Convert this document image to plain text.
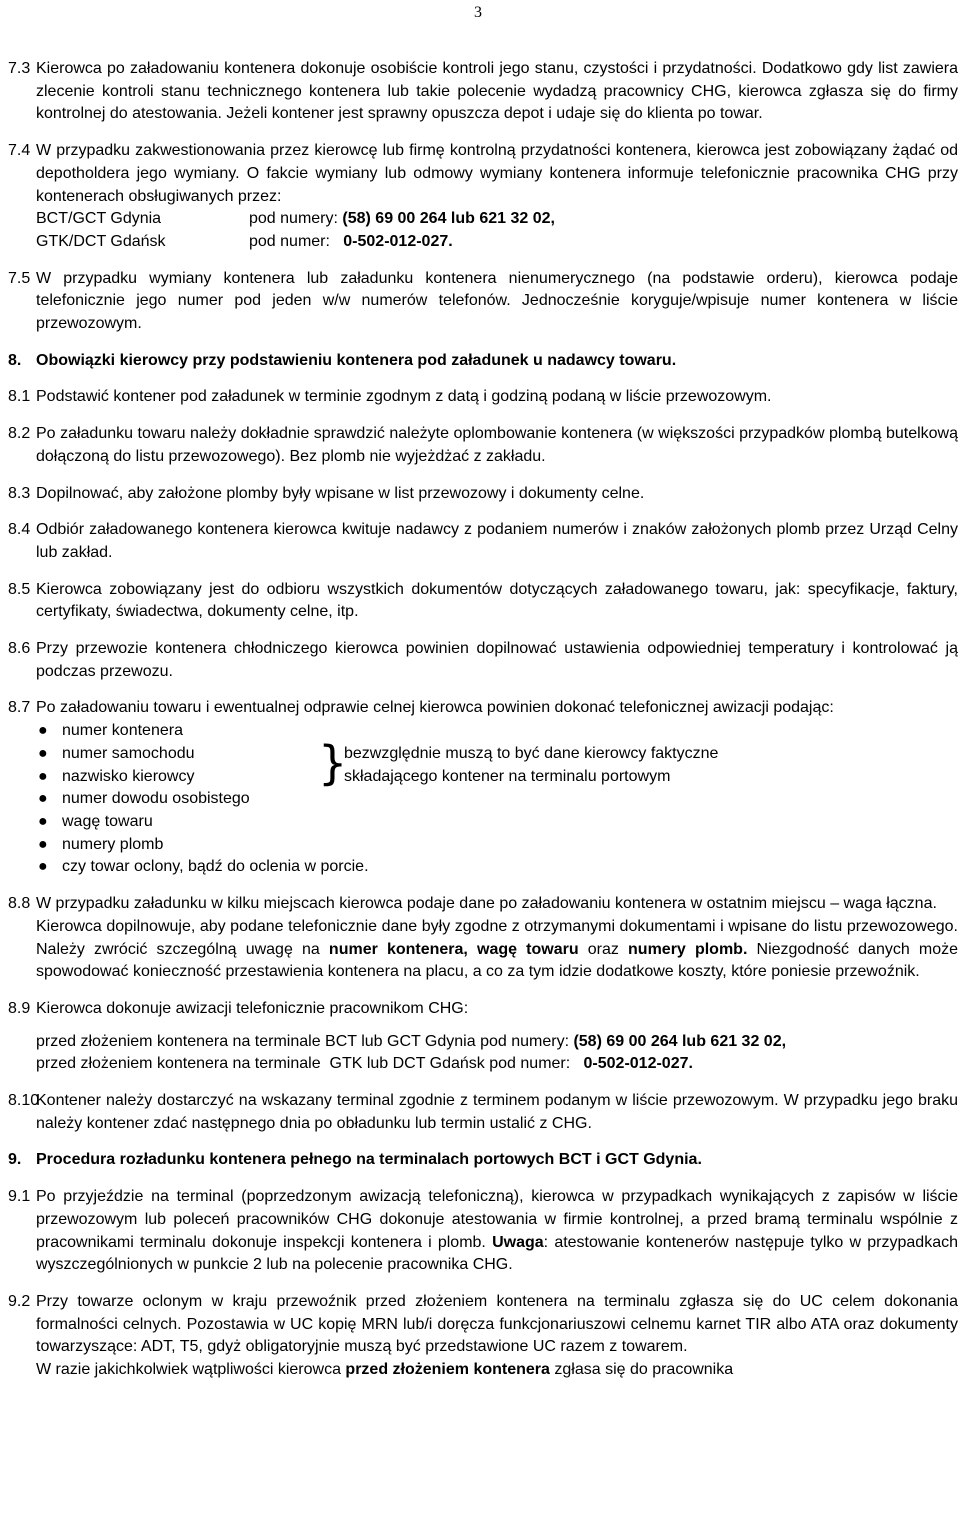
3
7.3 Kierowca po załadowaniu kontenera dokonuje osobiście kontroli jego stanu, czystości i przydatności. Dodatkowo gdy list zawiera zlecenie kontroli stanu technicznego kontenera lub takie polecenie wydadzą pracownicy CHG, kierowca zgłasza się do firmy kontrolnej do atestowania. Jeżeli kontener jest sprawny opuszcza depot i udaje się do klienta po towar.

7.4 W przypadku zakwestionowania przez kierowcę lub firmę kontrolną przydatności kontenera, kierowca jest zobowiązany żądać od depotholdera jego wymiany. O fakcie wymiany lub odmowy wymiany kontenera informuje telefonicznie pracownika CHG przy kontenerach obsługiwanych przez:

BCT/GCT Gdynia	pod numery: (58) 69 00 264 lub 621 32 02,
GTK/DCT Gdańsk	pod numer: 0-502-012-027.
7.5 W przypadku wymiany kontenera lub załadunku kontenera nienumerycznego (na podstawie orderu), kierowca podaje telefonicznie jego numer pod jeden w/w numerów telefonów. Jednocześnie koryguje/wpisuje numer kontenera w liście przewozowym.

8. Obowiązki kierowcy przy podstawieniu kontenera pod załadunek u nadawcy towaru.
8.1 Podstawić kontener pod załadunek w terminie zgodnym z datą i godziną podaną w liście przewozowym.

8.2 Po załadunku towaru należy dokładnie sprawdzić należyte oplombowanie kontenera (w większości przypadków plombą butelkową dołączoną do listu przewozowego). Bez plomb nie wyjeżdżać z zakładu.

8.3 Dopilnować, aby założone plomby były wpisane w list przewozowy i dokumenty celne.

8.4 Odbiór załadowanego kontenera kierowca kwituje nadawcy z podaniem numerów i znaków założonych plomb przez Urząd Celny lub zakład.

8.5 Kierowca zobowiązany jest do odbioru wszystkich dokumentów dotyczących załadowanego towaru, jak: specyfikacje, faktury, certyfikaty, świadectwa, dokumenty celne, itp.

8.6 Przy przewozie kontenera chłodniczego kierowca powinien dopilnować ustawienia odpowiedniej temperatury i kontrolować ją podczas przewozu.

8.7 Po załadowaniu towaru i ewentualnej odprawie celnej kierowca powinien dokonać telefonicznej awizacji podając:

● numer kontenera
● numer samochodu
● nazwisko kierowcy
● numer dowodu osobistego
● wagę towaru
● numery plomb
● czy towar oclony, bądź do oclenia w porcie.
}
bezwzględnie muszą to być dane kierowcy faktyczne
składającego kontener na terminalu portowym
8.8 W przypadku załadunku w kilku miejscach kierowca podaje dane po załadowaniu kontenera w ostatnim miejscu – waga łączna.

Kierowca dopilnowuje, aby podane telefonicznie dane były zgodne z otrzymanymi dokumentami i wpisane do listu przewozowego. Należy zwrócić szczególną uwagę na numer kontenera, wagę towaru oraz numery plomb. Niezgodność danych może spowodować konieczność przestawienia kontenera na placu, a co za tym idzie dodatkowe koszty, które poniesie przewoźnik.

8.9 Kierowca dokonuje awizacji telefonicznie pracownikom CHG:

przed złożeniem kontenera na terminale BCT lub GCT Gdynia pod numery: (58) 69 00 264 lub 621 32 02,

przed złożeniem kontenera na terminale  GTK lub DCT Gdańsk pod numer:   0-502-012-027.

8.10

Kontener należy dostarczyć na wskazany terminal zgodnie z terminem podanym w liście przewozowym. W przypadku jego braku należy kontener zdać następnego dnia po obładunku lub termin ustalić z CHG.

9. Procedura rozładunku kontenera pełnego na terminalach portowych BCT i GCT Gdynia.
9.1 Po przyjeździe na terminal (poprzedzonym awizacją telefoniczną), kierowca w przypadkach wynikających z zapisów w liście przewozowym lub poleceń pracowników CHG dokonuje atestowania w firmie kontrolnej, a przed bramą terminalu wspólnie z pracownikami terminalu dokonuje inspekcji kontenera i plomb. Uwaga: atestowanie kontenerów następuje tylko w przypadkach wyszczególnionych w punkcie 2 lub na polecenie pracownika CHG.

9.2 Przy towarze oclonym w kraju przewoźnik przed złożeniem kontenera na terminalu zgłasza się do UC celem dokonania formalności celnych. Pozostawia w UC kopię MRN lub/i doręcza funkcjonariuszowi celnemu karnet TIR albo ATA oraz dokumenty towarzyszące: ADT, T5, gdyż obligatoryjnie muszą być przedstawione UC razem z towarem.

W razie jakichkolwiek wątpliwości kierowca przed złożeniem kontenera zgłasa się do pracownika
